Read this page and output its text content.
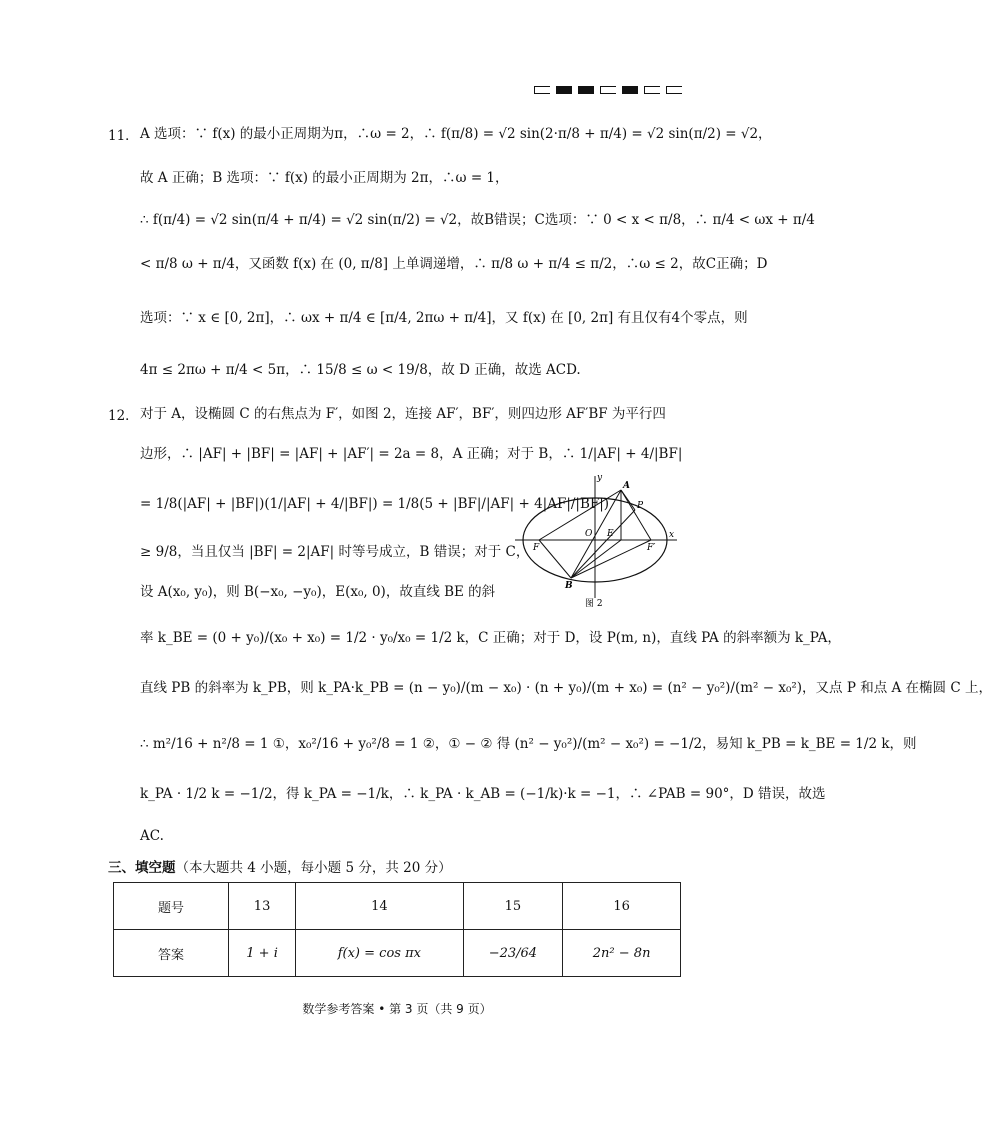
11． A 选项：∵ f(x) 的最小正周期为π，∴ω = 2，∴ f(π/8) = √2 sin(2·π/8 + π/4) = √2 sin(π/2) = √2，
故 A 正确；B 选项：∵ f(x) 的最小正周期为 2π，∴ω = 1，
∴ f(π/4) = √2 sin(π/4 + π/4) = √2 sin(π/2) = √2，故B错误；C选项：∵ 0 < x < π/8，∴ π/4 < ωx + π/4
< π/8 ω + π/4，又函数 f(x) 在 (0, π/8] 上单调递增，∴ π/8 ω + π/4 ≤ π/2，∴ω ≤ 2，故C正确；D
选项：∵ x ∈ [0, 2π]，∴ ωx + π/4 ∈ [π/4, 2πω + π/4]，又 f(x) 在 [0, 2π] 有且仅有4个零点，则
4π ≤ 2πω + π/4 < 5π，∴ 15/8 ≤ ω < 19/8，故 D 正确，故选 ACD.
12． 对于 A，设椭圆 C 的右焦点为 F′，如图 2，连接 AF′，BF′，则四边形 AF′BF 为平行四
边形，∴ |AF| + |BF| = |AF| + |AF′| = 2a = 8，A 正确；对于 B，∴ 1/|AF| + 4/|BF|
= 1/8(|AF| + |BF|)(1/|AF| + 4/|BF|) = 1/8(5 + |BF|/|AF| + 4|AF|/|BF|)
≥ 9/8，当且仅当 |BF| = 2|AF| 时等号成立，B 错误；对于 C，
设 A(x₀, y₀)，则 B(−x₀, −y₀)，E(x₀, 0)，故直线 BE 的斜
率 k_BE = (0 + y₀)/(x₀ + x₀) = 1/2 · y₀/x₀ = 1/2 k，C 正确；对于 D，设 P(m, n)，直线 PA 的斜率额为 k_PA，
直线 PB 的斜率为 k_PB，则 k_PA·k_PB = (n − y₀)/(m − x₀) · (n + y₀)/(m + x₀) = (n² − y₀²)/(m² − x₀²)，又点 P 和点 A 在椭圆 C 上，
∴ m²/16 + n²/8 = 1 ①，x₀²/16 + y₀²/8 = 1 ②，① − ② 得 (n² − y₀²)/(m² − x₀²) = −1/2，易知 k_PB = k_BE = 1/2 k，则
k_PA · 1/2 k = −1/2，得 k_PA = −1/k，∴ k_PA · k_AB = (−1/k)·k = −1，∴ ∠PAB = 90°，D 错误，故选
AC.
y
x
A
B
P
O E
F	F′
图 2
三、填空题（本大题共 4 小题，每小题 5 分，共 20 分）
题号	13	14	15	16
答案	1 + i	f(x) = cos πx	−23/64	2n² − 8n
数学参考答案 • 第 3 页（共 9 页）
